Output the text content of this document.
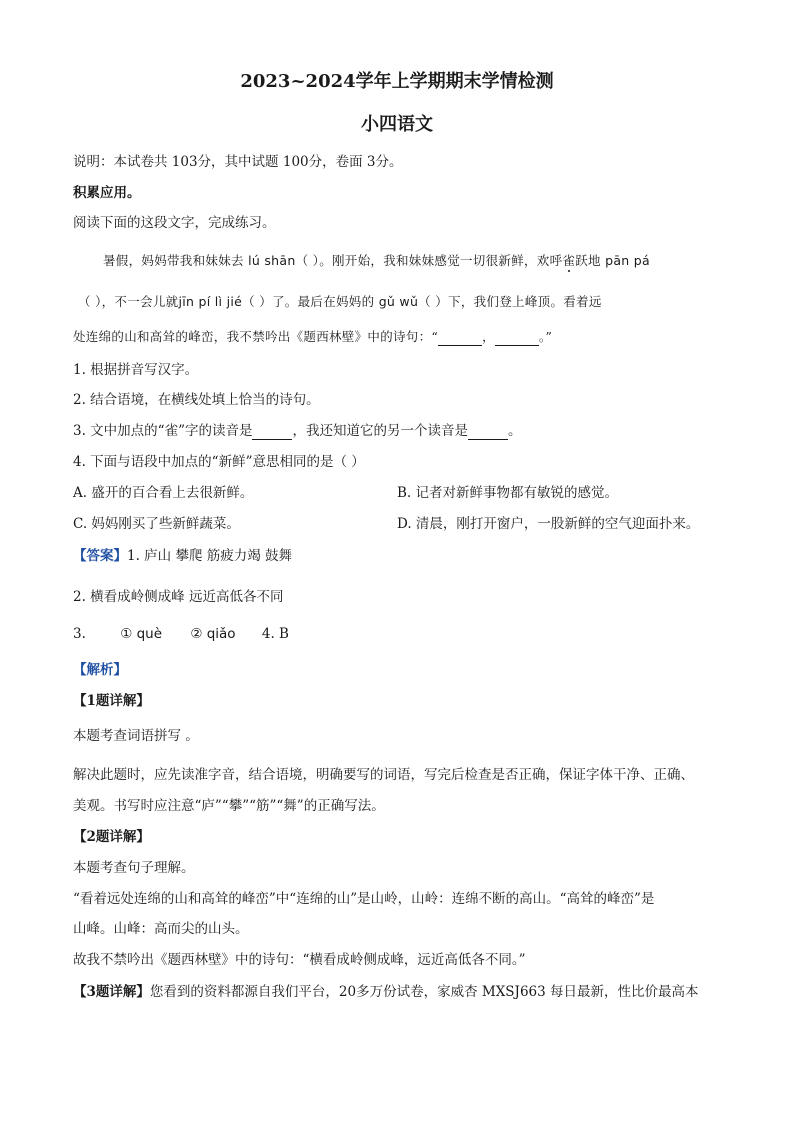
2023~2024学年上学期期末学情检测
小四语文
说明：本试卷共 103分，其中试题 100分，卷面 3分。
积累应用。
阅读下面的这段文字，完成练习。
暑假，妈妈带我和妹妹去 lú shān（ ）。刚开始，我和妹妹感觉一切很新鲜，欢呼雀跃地 pān pá
（ ），不一会儿就jīn pí lì jié（ ）了。最后在妈妈的 gǔ wǔ（ ）下，我们登上峰顶。看着远
处连绵的山和高耸的峰峦，我不禁吟出《题西林壁》中的诗句：“	，	。”
1. 根据拼音写汉字。
2. 结合语境，在横线处填上恰当的诗句。
3. 文中加点的“雀”字的读音是	，我还知道它的另一个读音是	。
4. 下面与语段中加点的“新鲜”意思相同的是（ ）
A. 盛开的百合看上去很新鲜。	B. 记者对新鲜事物都有敏锐的感觉。
C. 妈妈刚买了些新鲜蔬菜。	D. 清晨，刚打开窗户，一股新鲜的空气迎面扑来。
【答案】1. 庐山 攀爬 筋疲力竭 鼓舞
2. 横看成岭侧成峰 远近高低各不同
3.	① què ② qiǎo 4. B
【解析】
【1题详解】
本题考查词语拼写 。
解决此题时，应先读准字音，结合语境，明确要写的词语，写完后检查是否正确，保证字体干净、正确、
美观。书写时应注意“庐”“攀”“筋”“舞”的正确写法。
【2题详解】
本题考查句子理解。
“看着远处连绵的山和高耸的峰峦”中“连绵的山”是山岭，山岭：连绵不断的高山。“高耸的峰峦”是
山峰。山峰：高而尖的山头。
故我不禁吟出《题西林壁》中的诗句：“横看成岭侧成峰，远近高低各不同。”
【3题详解】您看到的资料都源自我们平台，20多万份试卷，家威杏 MXSJ663 每日最新，性比价最高本
